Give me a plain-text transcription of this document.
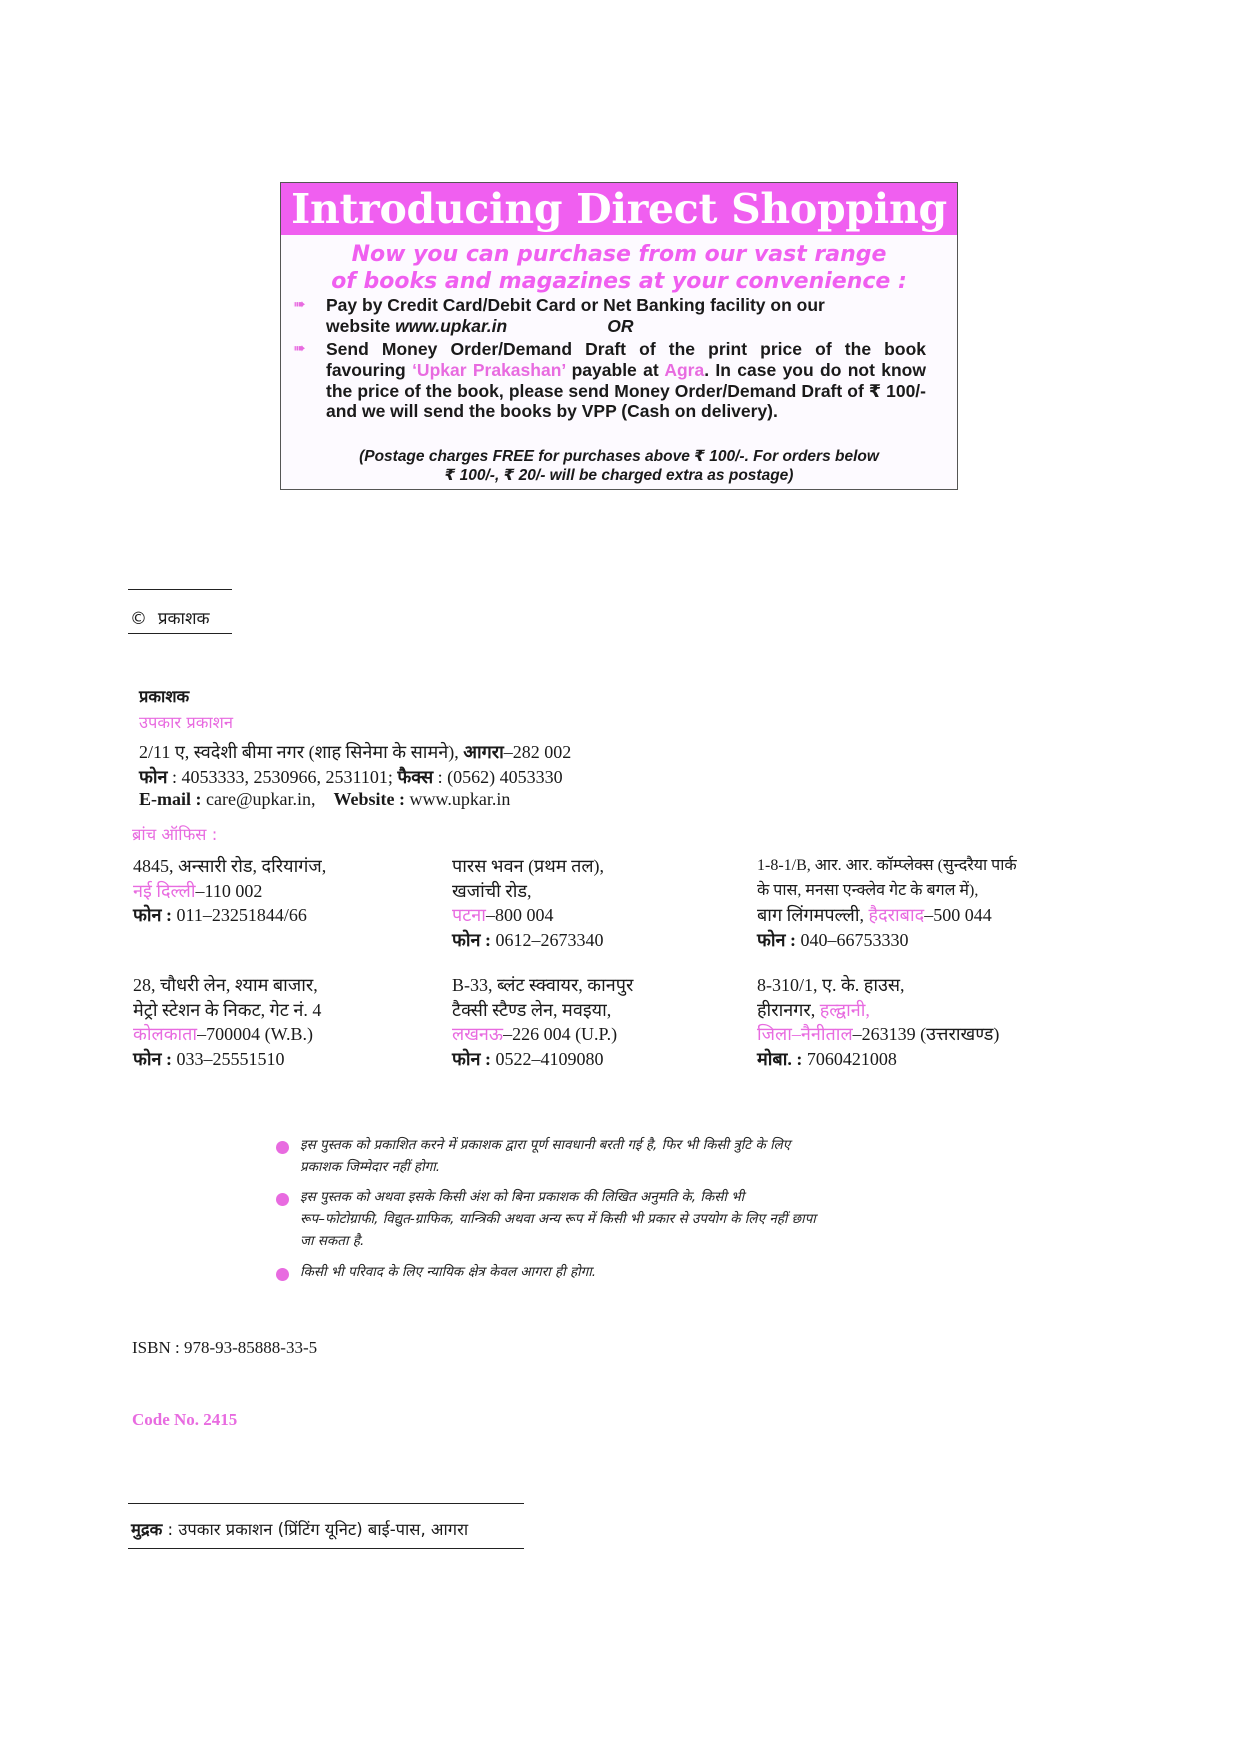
Introducing Direct Shopping
Now you can purchase from our vast range
of books and magazines at your convenience :
➠ Pay by Credit Card/Debit Card or Net Banking facility on our
website www.upkar.in	OR
➠ Send Money Order/Demand Draft of the print price of the book favouring ‘Upkar Prakashan’ payable at Agra. In case you do not know the price of the book, please send Money Order/Demand Draft of ₹ 100/- and we will send the books by VPP (Cash on delivery).
(Postage charges FREE for purchases above ₹ 100/-. For orders below
₹ 100/-, ₹ 20/- will be charged extra as postage)
© प्रकाशक
प्रकाशक
उपकार प्रकाशन
2/11 ए, स्वदेशी बीमा नगर (शाह सिनेमा के सामने), आगरा–282 002
फोन : 4053333, 2530966, 2531101; फैक्स : (0562) 4053330
E-mail : care@upkar.in, Website : www.upkar.in
ब्रांच ऑफिस :
4845, अन्सारी रोड, दरियागंज,
नई दिल्ली–110 002
फोन : 011–23251844/66
पारस भवन (प्रथम तल),
खजांची रोड,
पटना–800 004
फोन : 0612–2673340
1-8-1/B, आर. आर. कॉम्प्लेक्स (सुन्दरैया पार्क
के पास, मनसा एन्क्लेव गेट के बगल में),
बाग लिंगमपल्ली, हैदराबाद–500 044
फोन : 040–66753330
28, चौधरी लेन, श्याम बाजार,
मेट्रो स्टेशन के निकट, गेट नं. 4
कोलकाता–700004 (W.B.)
फोन : 033–25551510
B-33, ब्लंट स्क्वायर, कानपुर
टैक्सी स्टैण्ड लेन, मवइया,
लखनऊ–226 004 (U.P.)
फोन : 0522–4109080
8-310/1, ए. के. हाउस,
हीरानगर, हल्द्वानी,
जिला–नैनीताल–263139 (उत्तराखण्ड)
मोबा. : 7060421008
इस पुस्तक को प्रकाशित करने में प्रकाशक द्वारा पूर्ण सावधानी बरती गई है, फिर भी किसी त्रुटि के लिए
प्रकाशक जिम्मेदार नहीं होगा.
इस पुस्तक को अथवा इसके किसी अंश को बिना प्रकाशक की लिखित अनुमति के, किसी भी
रूप–फोटोग्राफी, विद्युत-ग्राफिक, यान्त्रिकी अथवा अन्य रूप में किसी भी प्रकार से उपयोग के लिए नहीं छापा
जा सकता है.
किसी भी परिवाद के लिए न्यायिक क्षेत्र केवल आगरा ही होगा.
ISBN : 978-93-85888-33-5
Code No. 2415
मुद्रक : उपकार प्रकाशन (प्रिंटिंग यूनिट) बाई-पास, आगरा
